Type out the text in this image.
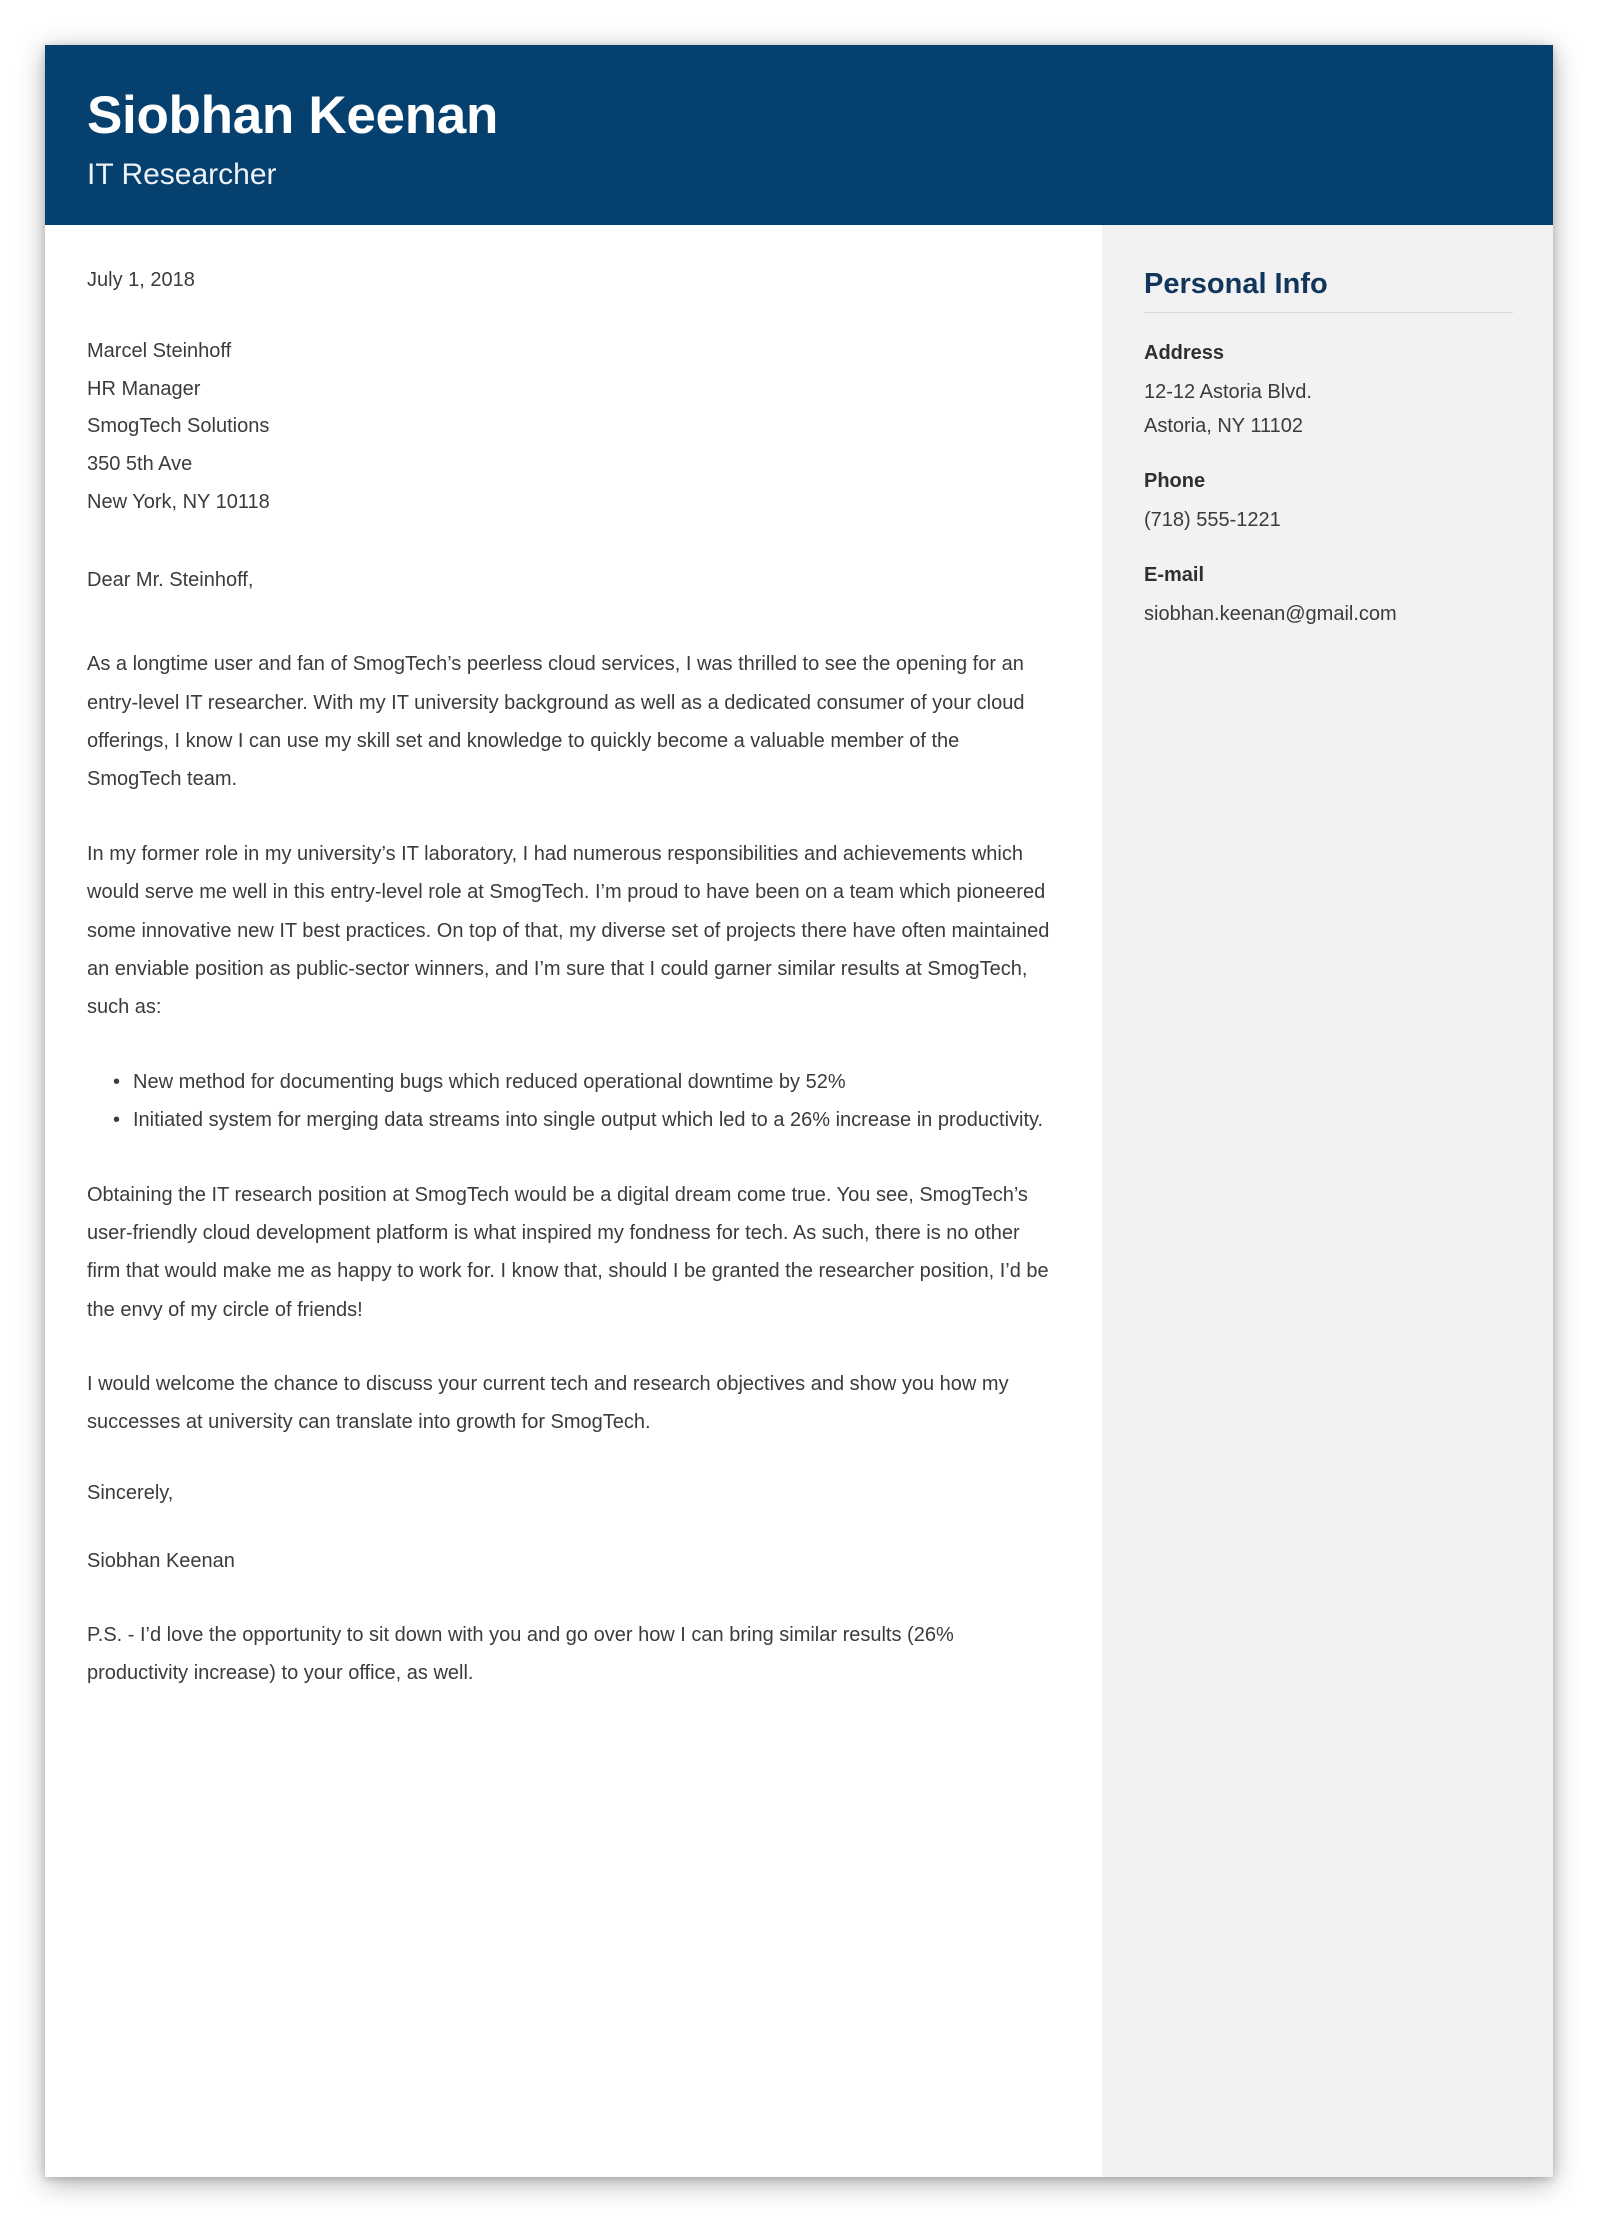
Siobhan Keenan
IT Researcher
July 1, 2018
Marcel Steinhoff
HR Manager
SmogTech Solutions
350 5th Ave
New York, NY 10118
Dear Mr. Steinhoff,

As a longtime user and fan of SmogTech’s peerless cloud services, I was thrilled to see the opening for an entry-level IT researcher. With my IT university background as well as a dedicated consumer of your cloud offerings, I know I can use my skill set and knowledge to quickly become a valuable member of the SmogTech team.

In my former role in my university’s IT laboratory, I had numerous responsibilities and achievements which would serve me well in this entry-level role at SmogTech. I’m proud to have been on a team which pioneered some innovative new IT best practices. On top of that, my diverse set of projects there have often maintained an enviable position as public-sector winners, and I’m sure that I could garner similar results at SmogTech, such as:

• New method for documenting bugs which reduced operational downtime by 52%
• Initiated system for merging data streams into single output which led to a 26% increase in productivity.

Obtaining the IT research position at SmogTech would be a digital dream come true. You see, SmogTech’s user-friendly cloud development platform is what inspired my fondness for tech. As such, there is no other firm that would make me as happy to work for. I know that, should I be granted the researcher position, I’d be the envy of my circle of friends!

I would welcome the chance to discuss your current tech and research objectives and show you how my successes at university can translate into growth for SmogTech.

Sincerely,
Siobhan Keenan

P.S. - I’d love the opportunity to sit down with you and go over how I can bring similar results (26% productivity increase) to your office, as well.

Personal Info
Address
12-12 Astoria Blvd.
Astoria, NY 11102
Phone
(718) 555-1221
E-mail
siobhan.keenan@gmail.com
